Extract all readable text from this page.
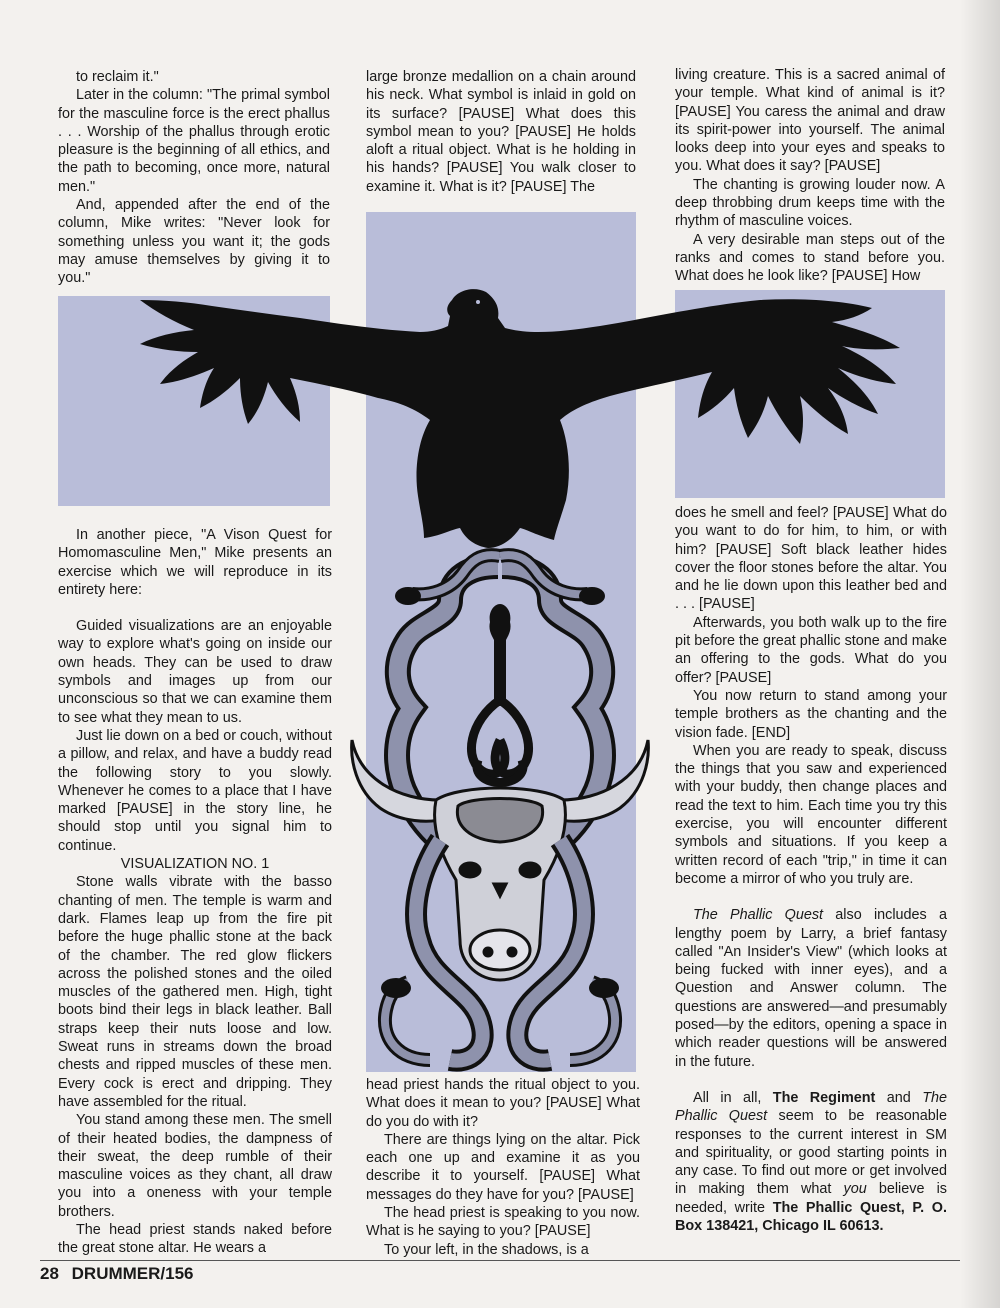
to reclaim it."

Later in the column: "The primal symbol for the masculine force is the erect phallus . . . Worship of the phallus through erotic pleasure is the beginning of all ethics, and the path to becoming, once more, natural men."

And, appended after the end of the column, Mike writes: "Never look for something unless you want it; the gods may amuse themselves by giving it to you."

large bronze medallion on a chain around his neck. What symbol is inlaid in gold on its surface? [PAUSE] What does this symbol mean to you? [PAUSE] He holds aloft a ritual object. What is he holding in his hands? [PAUSE] You walk closer to examine it. What is it? [PAUSE] The

living creature. This is a sacred animal of your temple. What kind of animal is it? [PAUSE] You caress the animal and draw its spirit-power into yourself. The animal looks deep into your eyes and speaks to you. What does it say? [PAUSE]

The chanting is growing louder now. A deep throbbing drum keeps time with the rhythm of masculine voices.

A very desirable man steps out of the ranks and comes to stand before you. What does he look like? [PAUSE] How

In another piece, "A Vison Quest for Homomasculine Men," Mike presents an exercise which we will reproduce in its entirety here:

Guided visualizations are an enjoyable way to explore what's going on inside our own heads. They can be used to draw symbols and images up from our unconscious so that we can examine them to see what they mean to us.

Just lie down on a bed or couch, without a pillow, and relax, and have a buddy read the following story to you slowly. Whenever he comes to a place that I have marked [PAUSE] in the story line, he should stop until you signal him to continue.

VISUALIZATION NO. 1

Stone walls vibrate with the basso chanting of men. The temple is warm and dark. Flames leap up from the fire pit before the huge phallic stone at the back of the chamber. The red glow flickers across the polished stones and the oiled muscles of the gathered men. High, tight boots bind their legs in black leather. Ball straps keep their nuts loose and low. Sweat runs in streams down the broad chests and ripped muscles of these men. Every cock is erect and dripping. They have assembled for the ritual.

You stand among these men. The smell of their heated bodies, the dampness of their sweat, the deep rumble of their masculine voices as they chant, all draw you into a oneness with your temple brothers.

The head priest stands naked before the great stone altar. He wears a

head priest hands the ritual object to you. What does it mean to you? [PAUSE] What do you do with it?

There are things lying on the altar. Pick each one up and examine it as you describe it to yourself. [PAUSE] What messages do they have for you? [PAUSE]

The head priest is speaking to you now. What is he saying to you? [PAUSE]

To your left, in the shadows, is a

does he smell and feel? [PAUSE] What do you want to do for him, to him, or with him? [PAUSE] Soft black leather hides cover the floor stones before the altar. You and he lie down upon this leather bed and . . . [PAUSE]

Afterwards, you both walk up to the fire pit before the great phallic stone and make an offering to the gods. What do you offer? [PAUSE]

You now return to stand among your temple brothers as the chanting and the vision fade. [END]

When you are ready to speak, discuss the things that you saw and experienced with your buddy, then change places and read the text to him. Each time you try this exercise, you will encounter different symbols and situations. If you keep a written record of each "trip," in time it can become a mirror of who you truly are.

The Phallic Quest also includes a lengthy poem by Larry, a brief fantasy called "An Insider's View" (which looks at being fucked with inner eyes), and a Question and Answer column. The questions are answered—and presumably posed—by the editors, opening a space in which reader questions will be answered in the future.

All in all, The Regiment and The Phallic Quest seem to be reasonable responses to the current interest in SM and spirituality, or good starting points in any case. To find out more or get involved in making them what you believe is needed, write The Phallic Quest, P. O. Box 138421, Chicago IL 60613.

28 DRUMMER/156
